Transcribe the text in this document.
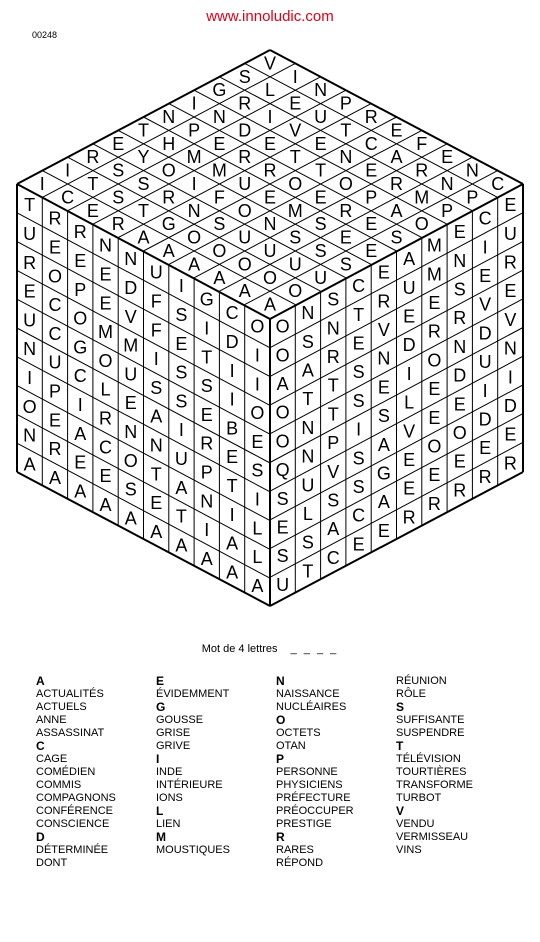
www.innoludic.com
00248
V
S I
G L N
I R E P
N N I U R
T P D V T E
E H E E E C F
R Y M R T N A E
I S O M R T E R N
I T S I U O O R N C
C S R F E E P M P
E T N O M R A P
R G S N S E O
A O U S E S
A O U S E
A O U S
A O U
A O
A
T
R
R
N
N
U
I
G
C
O
U
E
E
E
D
F
S
I
D
I
R
O
P
E
V
F
E
T
I
I
E
C
O
M
M
I
S
S
I
O
U
C
G
O
U
S
S
E
B
E
N
U
C
L
E
A
I
R
E
S
I
P
I
R
N
N
U
P
T
I
O
E
A
C
O
T
A
N
I
L
N
R
E
E
S
E
T
I
A
L
A
A
A
A
A
A
A
A
A
A
O
N
S
C
E
A
M
E
C
E
O
S
N
T
R
U
M
N
I
U
A
A
R
E
V
E
E
S
E
R
O
T
T
S
N
D
R
R
V
E
O
N
T
S
E
I
O
N
D
V
Q
N
P
I
S
L
E
D
U
N
S
U
V
S
A
V
E
E
I
I
E
L
S
S
G
E
O
O
D
D
S
S
A
C
A
E
E
E
E
E
U
T
C
E
E
R
R
R
R
R
Mot de 4 lettres _ _ _ _
A
ACTUALITÉS
ACTUELS
ANNE
ASSASSINAT
C
CAGE
COMÉDIEN
COMMIS
COMPAGNONS
CONFÉRENCE
CONSCIENCE
D
DÉTERMINÉE
DONT
E
ÉVIDEMMENT
G
GOUSSE
GRISE
GRIVE
I
INDE
INTÉRIEURE
IONS
L
LIEN
M
MOUSTIQUES
N
NAISSANCE
NUCLÉAIRES
O
OCTETS
OTAN
P
PERSONNE
PHYSICIENS
PRÉFECTURE
PRÉOCCUPER
PRESTIGE
R
RARES
RÉPOND
RÉUNION
RÔLE
S
SUFFISANTE
SUSPENDRE
T
TÉLÉVISION
TOURTIÈRES
TRANSFORME
TURBOT
V
VENDU
VERMISSEAU
VINS
